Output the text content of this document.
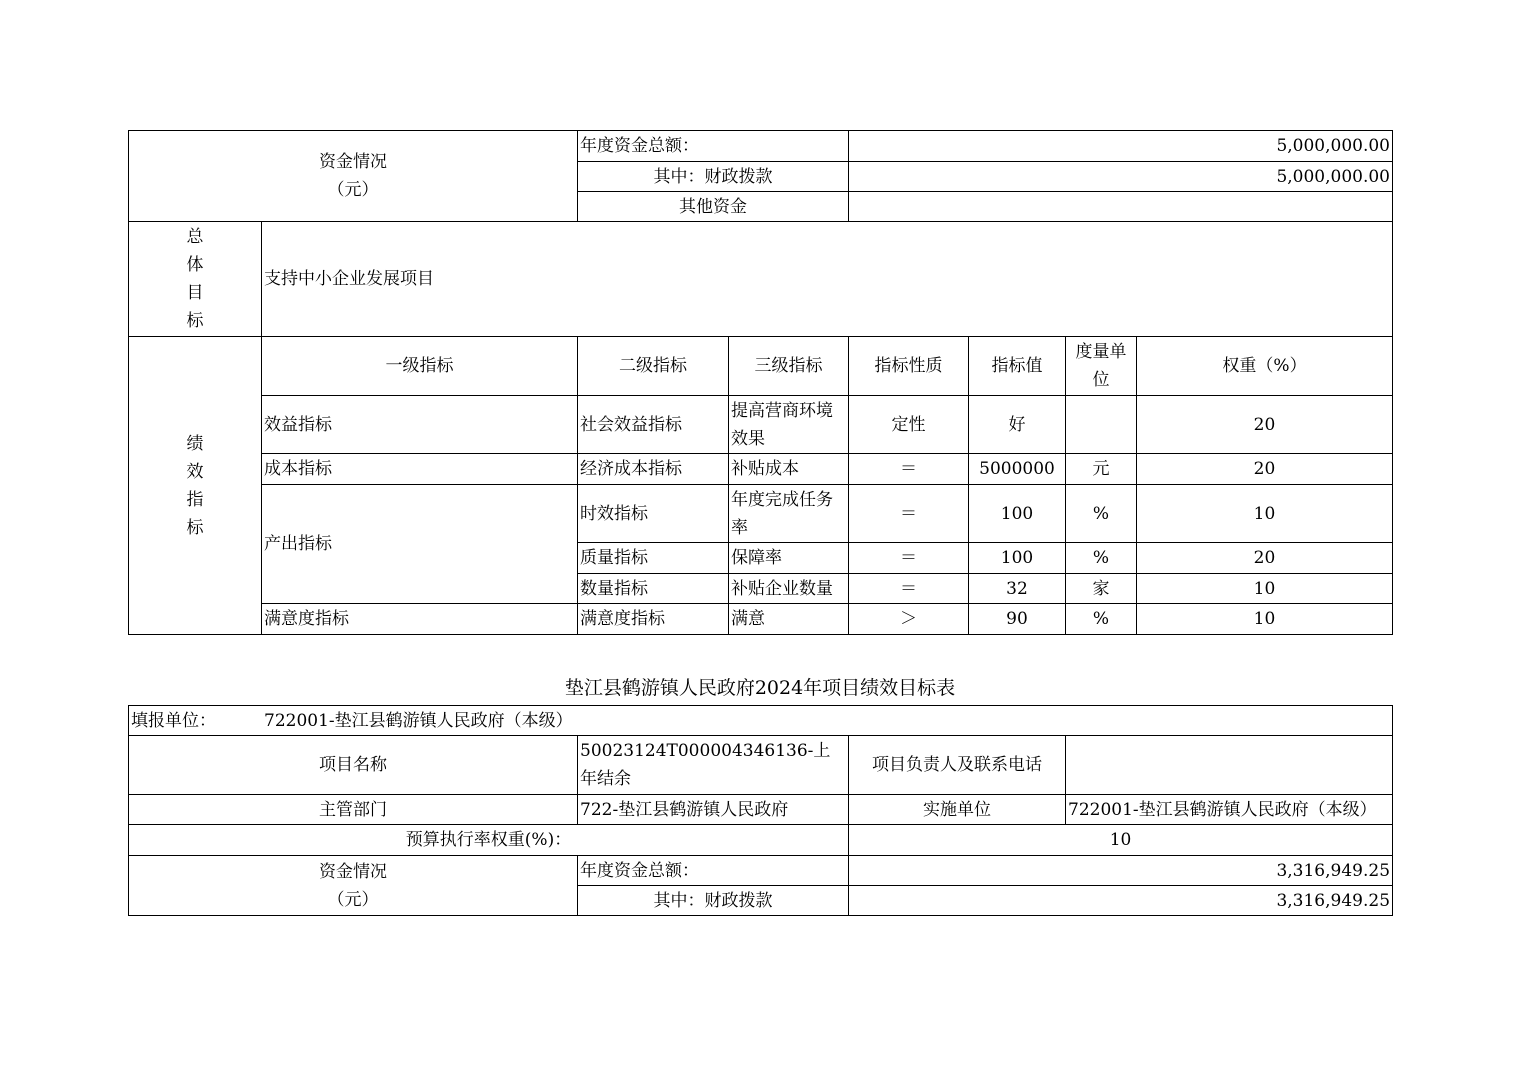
资金情况
（元）		年度资金总额：		5,000,000.00			
		其中：财政拨款		5,000,000.00			
		其他资金					

总
体
目
标	支持中小企业发展项目						

绩
效
指
标	一级指标	二级指标	三级指标	指标性质	指标值	度量单位	权重（%）
	效益指标	社会效益指标	提高营商环境效果	定性	好		20
	成本指标	经济成本指标	补贴成本	＝	5000000	元	20
	产出指标	时效指标	年度完成任务率	＝	100	%	10
		质量指标	保障率	＝	100	%	20
		数量指标	补贴企业数量	＝	32	家	10
	满意度指标	满意度指标	满意	＞	90	%	10
垫江县鹤游镇人民政府2024年项目绩效目标表
填报单位： 722001-垫江县鹤游镇人民政府（本级）			
项目名称	50023124T000004346136-上年结余	项目负责人及联系电话	
主管部门	722-垫江县鹤游镇人民政府	实施单位	722001-垫江县鹤游镇人民政府（本级）
预算执行率权重(%)：		10	

资金情况
（元）	年度资金总额：	3,316,949.25	
	其中：财政拨款	3,316,949.25	
